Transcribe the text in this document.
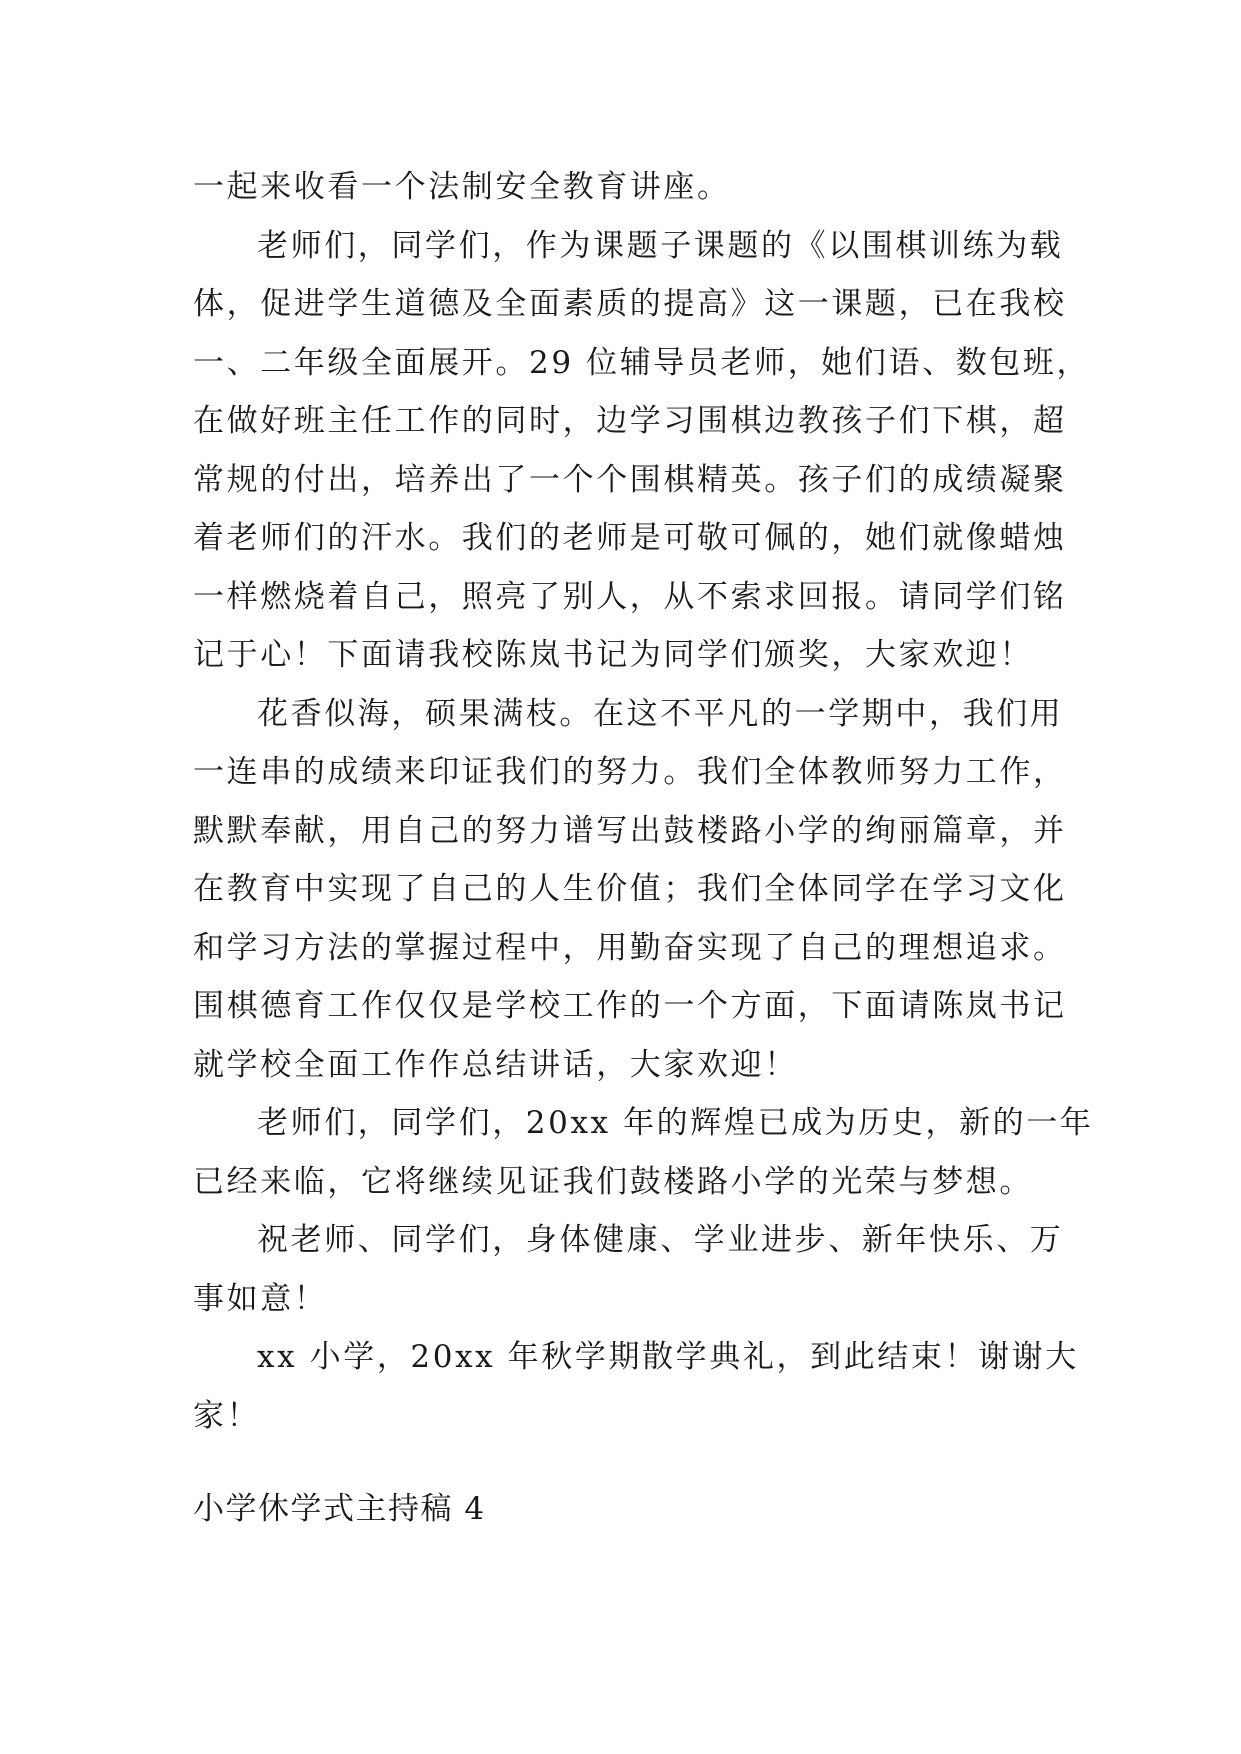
一起来收看一个法制安全教育讲座。
老师们，同学们，作为课题子课题的《以围棋训练为载
体，促进学生道德及全面素质的提高》这一课题，已在我校
一、二年级全面展开。29 位辅导员老师，她们语、数包班，
在做好班主任工作的同时，边学习围棋边教孩子们下棋，超
常规的付出，培养出了一个个围棋精英。孩子们的成绩凝聚
着老师们的汗水。我们的老师是可敬可佩的，她们就像蜡烛
一样燃烧着自己，照亮了别人，从不索求回报。请同学们铭
记于心！下面请我校陈岚书记为同学们颁奖，大家欢迎！
花香似海，硕果满枝。在这不平凡的一学期中，我们用
一连串的成绩来印证我们的努力。我们全体教师努力工作，
默默奉献，用自己的努力谱写出鼓楼路小学的绚丽篇章，并
在教育中实现了自己的人生价值；我们全体同学在学习文化
和学习方法的掌握过程中，用勤奋实现了自己的理想追求。
围棋德育工作仅仅是学校工作的一个方面，下面请陈岚书记
就学校全面工作作总结讲话，大家欢迎！
老师们，同学们，20xx 年的辉煌已成为历史，新的一年
已经来临，它将继续见证我们鼓楼路小学的光荣与梦想。
祝老师、同学们，身体健康、学业进步、新年快乐、万
事如意！
xx 小学，20xx 年秋学期散学典礼，到此结束！谢谢大
家！
小学休学式主持稿 4
